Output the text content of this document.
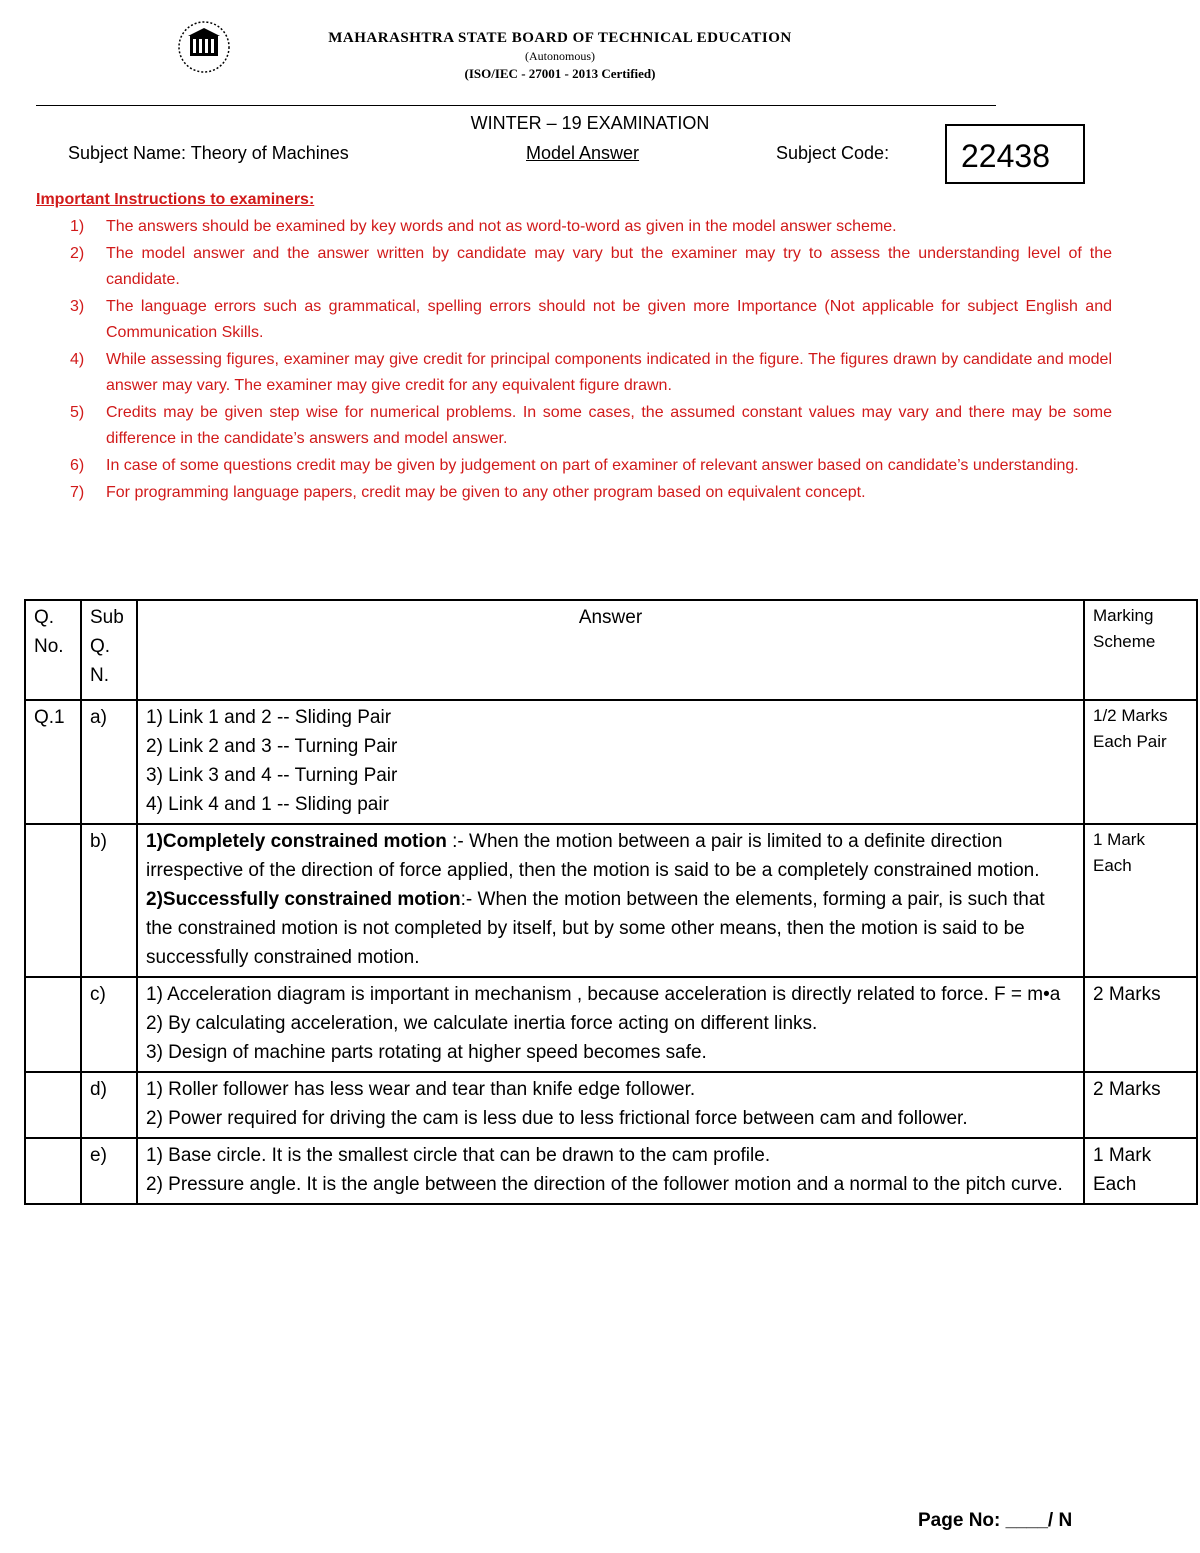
MAHARASHTRA STATE BOARD OF TECHNICAL EDUCATION
(Autonomous)
(ISO/IEC - 27001 - 2013 Certified)
WINTER – 19 EXAMINATION
Subject Name: Theory of Machines	Model Answer	Subject Code:	22438
Important Instructions to examiners:
1)	The answers should be examined by key words and not as word-to-word as given in the model answer scheme.
2)	The model answer and the answer written by candidate may vary but the examiner may try to assess the understanding level of the candidate.
3)	The language errors such as grammatical, spelling errors should not be given more Importance (Not applicable for subject English and Communication Skills.
4)	While assessing figures, examiner may give credit for principal components indicated in the figure. The figures drawn by candidate and model answer may vary. The examiner may give credit for any equivalent figure drawn.
5)	Credits may be given step wise for numerical problems. In some cases, the assumed constant values may vary and there may be some difference in the candidate’s answers and model answer.
6)	In case of some questions credit may be given by judgement on part of examiner of relevant answer based on candidate’s understanding.
7)	For programming language papers, credit may be given to any other program based on equivalent concept.
Q. No.	Sub Q. N.	Answer	Marking Scheme
Q.1	a)	1) Link 1 and 2 -- Sliding Pair
2) Link 2 and 3 -- Turning Pair
3) Link 3 and 4 -- Turning Pair
4) Link 4 and 1 -- Sliding pair	1/2 Marks Each Pair
	b)	1)Completely constrained motion :- When the motion between a pair is limited to a definite direction irrespective of the direction of force applied, then the motion is said to be a completely constrained motion.
2)Successfully constrained motion:- When the motion between the elements, forming a pair, is such that the constrained motion is not completed by itself, but by some other means, then the motion is said to be successfully constrained motion.	1 Mark Each
	c)	1) Acceleration diagram is important in mechanism , because acceleration is directly related to force. F = m•a
2) By calculating acceleration, we calculate inertia force acting on different links.
3) Design of machine parts rotating at higher speed becomes safe.	2 Marks
	d)	1) Roller follower has less wear and tear than knife edge follower.
2) Power required for driving the cam is less due to less frictional force between cam and follower.	2 Marks
	e)	1) Base circle. It is the smallest circle that can be drawn to the cam profile.
2) Pressure angle. It is the angle between the direction of the follower motion and a normal to the pitch curve.	1 Mark Each
Page No: ____/ N
